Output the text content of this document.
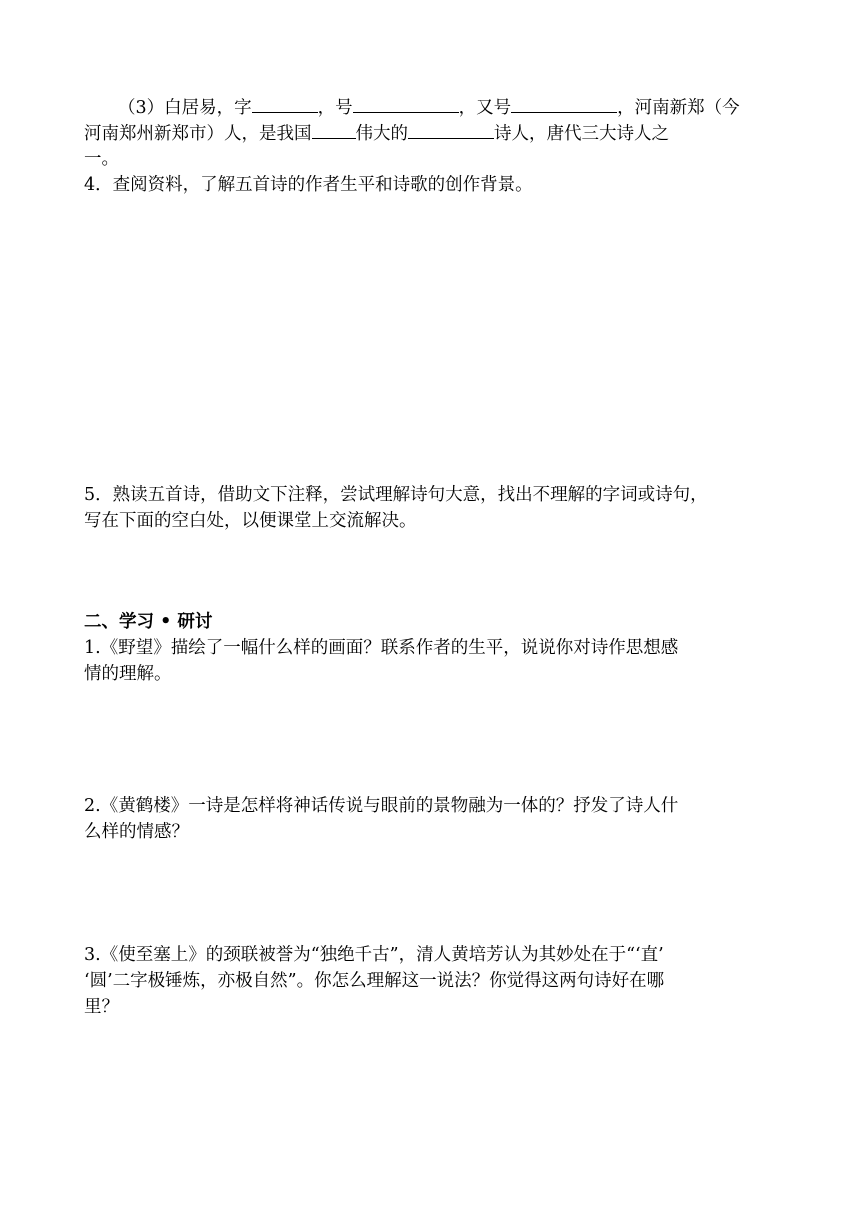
（3）白居易，字	，号	，又号	，河南新郑（今
河南郑州新郑市）人，是我国	伟大的	诗人，唐代三大诗人之
一。
4．查阅资料，了解五首诗的作者生平和诗歌的创作背景。
5．熟读五首诗，借助文下注释，尝试理解诗句大意，找出不理解的字词或诗句，
写在下面的空白处，以便课堂上交流解决。
二、学习 • 研讨
1.《野望》描绘了一幅什么样的画面？联系作者的生平，说说你对诗作思想感
情的理解。
2.《黄鹤楼》一诗是怎样将神话传说与眼前的景物融为一体的？抒发了诗人什
么样的情感？
3.《使至塞上》的颈联被誉为“独绝千古”，清人黄培芳认为其妙处在于“‘直’
‘圆’二字极锤炼，亦极自然”。你怎么理解这一说法？你觉得这两句诗好在哪
里？
